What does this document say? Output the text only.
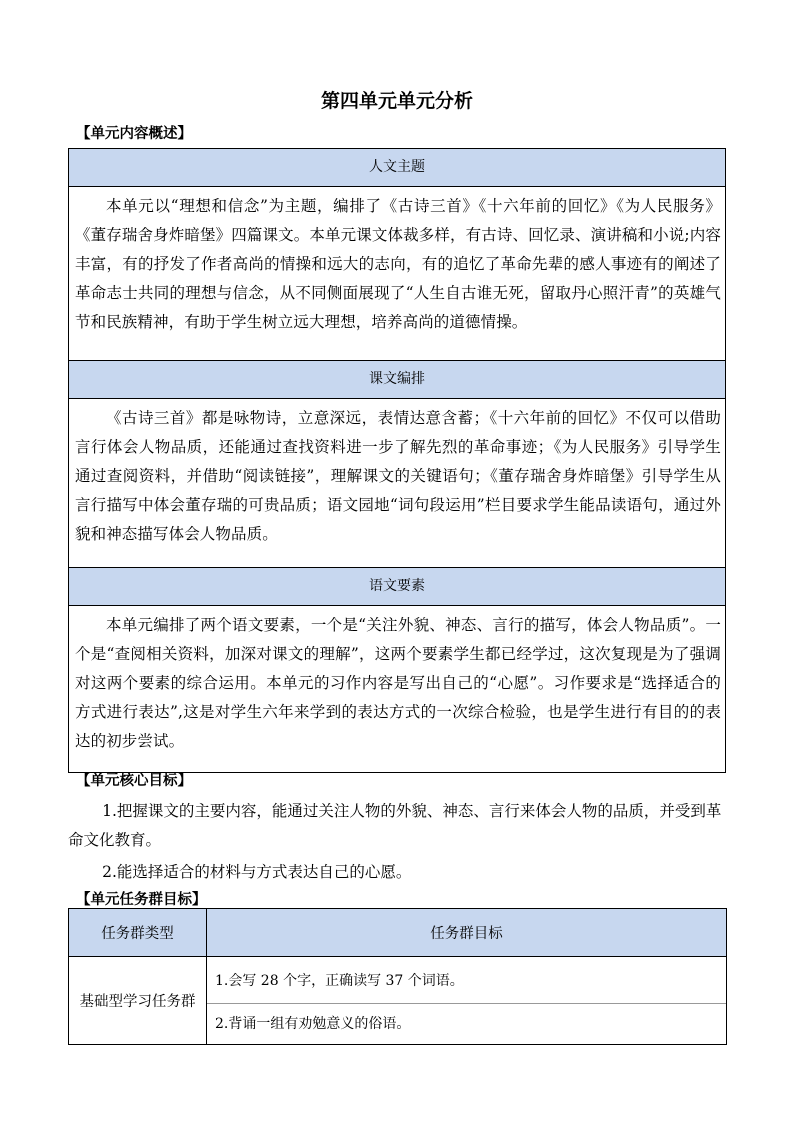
第四单元单元分析
【单元内容概述】
人文主题
本单元以“理想和信念”为主题，编排了《古诗三首》《十六年前的回忆》《为人民服务》《董存瑞舍身炸暗堡》四篇课文。本单元课文体裁多样，有古诗、回忆录、演讲稿和小说;内容丰富，有的抒发了作者高尚的情操和远大的志向，有的追忆了革命先辈的感人事迹有的阐述了革命志士共同的理想与信念，从不同侧面展现了“人生自古谁无死，留取丹心照汗青”的英雄气节和民族精神，有助于学生树立远大理想，培养高尚的道德情操。
课文编排
《古诗三首》都是咏物诗，立意深远，表情达意含蓄；《十六年前的回忆》不仅可以借助言行体会人物品质，还能通过查找资料进一步了解先烈的革命事迹；《为人民服务》引导学生通过查阅资料，并借助“阅读链接”，理解课文的关键语句；《董存瑞舍身炸暗堡》引导学生从言行描写中体会董存瑞的可贵品质；语文园地“词句段运用”栏目要求学生能品读语句，通过外貌和神态描写体会人物品质。
语文要素
本单元编排了两个语文要素，一个是“关注外貌、神态、言行的描写，体会人物品质”。一个是“查阅相关资料，加深对课文的理解”，这两个要素学生都已经学过，这次复现是为了强调对这两个要素的综合运用。本单元的习作内容是写出自己的“心愿”。习作要求是“选择适合的方式进行表达”,这是对学生六年来学到的表达方式的一次综合检验，也是学生进行有目的的表达的初步尝试。
【单元核心目标】
1.把握课文的主要内容，能通过关注人物的外貌、神态、言行来体会人物的品质，并受到革命文化教育。
2.能选择适合的材料与方式表达自己的心愿。
【单元任务群目标】
任务群类型	任务群目标
基础型学习任务群	1.会写 28 个字，正确读写 37 个词语。
2.背诵一组有劝勉意义的俗语。
